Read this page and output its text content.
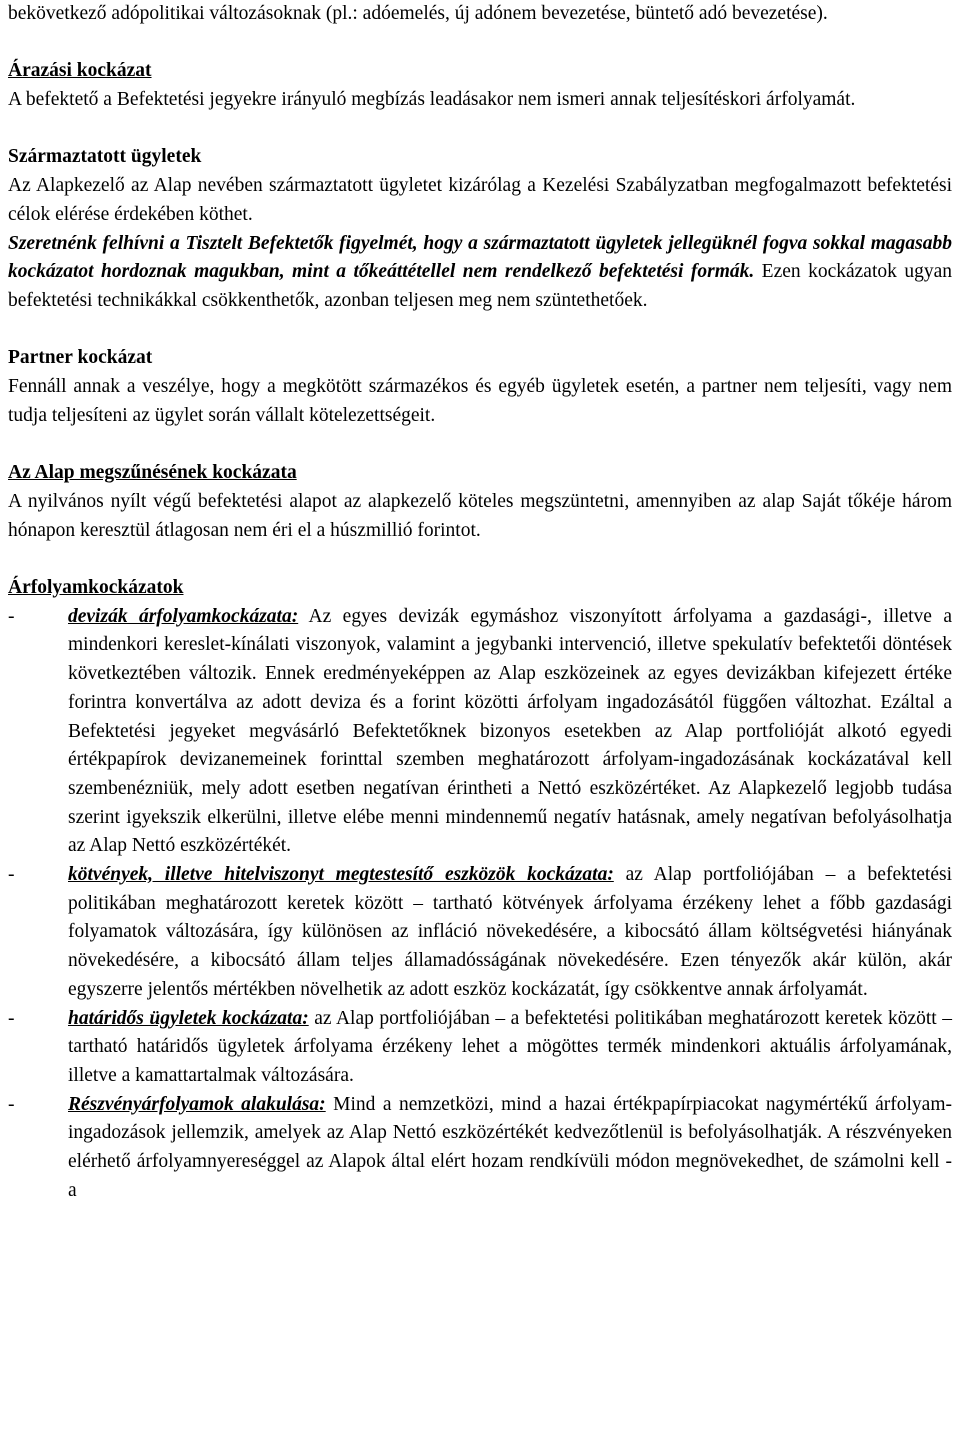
bekövetkező adópolitikai változásoknak (pl.: adóemelés, új adónem bevezetése, büntető adó bevezetése).

Árazási kockázat

A befektető a Befektetési jegyekre irányuló megbízás leadásakor nem ismeri annak teljesítéskori árfolyamát.

Származtatott ügyletek

Az Alapkezelő az Alap nevében származtatott ügyletet kizárólag a Kezelési Szabályzatban megfogalmazott befektetési célok elérése érdekében köthet.

Szeretnénk felhívni a Tisztelt Befektetők figyelmét, hogy a származtatott ügyletek jellegüknél fogva sokkal magasabb kockázatot hordoznak magukban, mint a tőkeáttétellel nem rendelkező befektetési formák. Ezen kockázatok ugyan befektetési technikákkal csökkenthetők, azonban teljesen meg nem szüntethetőek.

Partner kockázat

Fennáll annak a veszélye, hogy a megkötött származékos és egyéb ügyletek esetén, a partner nem teljesíti, vagy nem tudja teljesíteni az ügylet során vállalt kötelezettségeit.

Az Alap megszűnésének kockázata

A nyilvános nyílt végű befektetési alapot az alapkezelő köteles megszüntetni, amennyiben az alap Saját tőkéje három hónapon keresztül átlagosan nem éri el a húszmillió forintot.

Árfolyamkockázatok

-	devizák árfolyamkockázata: Az egyes devizák egymáshoz viszonyított árfolyama a gazdasági-, illetve a mindenkori kereslet-kínálati viszonyok, valamint a jegybanki intervenció, illetve spekulatív befektetői döntések következtében változik. Ennek eredményeképpen az Alap eszközeinek az egyes devizákban kifejezett értéke forintra konvertálva az adott deviza és a forint közötti árfolyam ingadozásától függően változhat. Ezáltal a Befektetési jegyeket megvásárló Befektetőknek bizonyos esetekben az Alap portfolióját alkotó egyedi értékpapírok devizanemeinek forinttal szemben meghatározott árfolyam-ingadozásának kockázatával kell szembenézniük, mely adott esetben negatívan érintheti a Nettó eszközértéket. Az Alapkezelő legjobb tudása szerint igyekszik elkerülni, illetve elébe menni mindennemű negatív hatásnak, amely negatívan befolyásolhatja az Alap Nettó eszközértékét.
-	kötvények, illetve hitelviszonyt megtestesítő eszközök kockázata: az Alap portfoliójában – a befektetési politikában meghatározott keretek között – tartható kötvények árfolyama érzékeny lehet a főbb gazdasági folyamatok változására, így különösen az infláció növekedésére, a kibocsátó állam költségvetési hiányának növekedésére, a kibocsátó állam teljes államadósságának növekedésére. Ezen tényezők akár külön, akár egyszerre jelentős mértékben növelhetik az adott eszköz kockázatát, így csökkentve annak árfolyamát.
-	határidős ügyletek kockázata: az Alap portfoliójában – a befektetési politikában meghatározott keretek között – tartható határidős ügyletek árfolyama érzékeny lehet a mögöttes termék mindenkori aktuális árfolyamának, illetve a kamattartalmak változására.
-	Részvényárfolyamok alakulása: Mind a nemzetközi, mind a hazai értékpapírpiacokat nagymértékű árfolyam-ingadozások jellemzik, amelyek az Alap Nettó eszközértékét kedvezőtlenül is befolyásolhatják. A részvényeken elérhető árfolyamnyereséggel az Alapok által elért hozam rendkívüli módon megnövekedhet, de számolni kell - a
